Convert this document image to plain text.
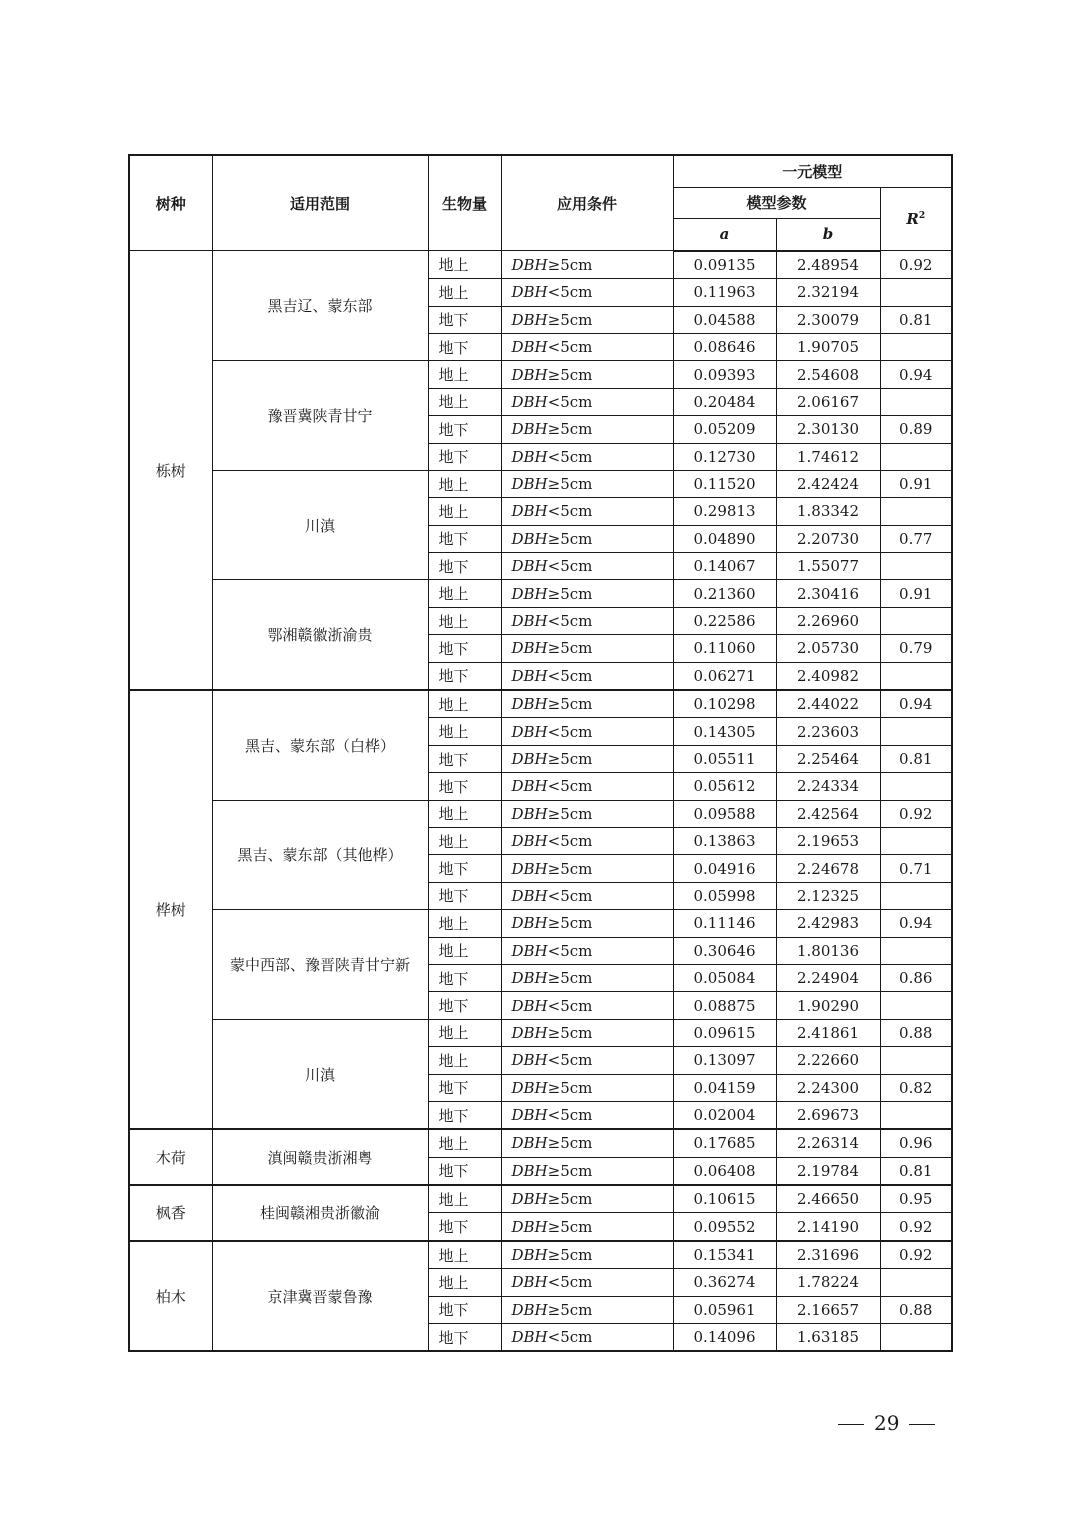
树种	适用范围	生物量	应用条件	一元模型		
				模型参数		$R^2$
				a	b	
栎树	黑吉辽、蒙东部	地上	DBH≥5cm	0.09135	2.48954	0.92
		地上	DBH<5cm	0.11963	2.32194	
		地下	DBH≥5cm	0.04588	2.30079	0.81
		地下	DBH<5cm	0.08646	1.90705	
	豫晋冀陕青甘宁	地上	DBH≥5cm	0.09393	2.54608	0.94
		地上	DBH<5cm	0.20484	2.06167	
		地下	DBH≥5cm	0.05209	2.30130	0.89
		地下	DBH<5cm	0.12730	1.74612	
	川滇	地上	DBH≥5cm	0.11520	2.42424	0.91
		地上	DBH<5cm	0.29813	1.83342	
		地下	DBH≥5cm	0.04890	2.20730	0.77
		地下	DBH<5cm	0.14067	1.55077	
	鄂湘赣徽浙渝贵	地上	DBH≥5cm	0.21360	2.30416	0.91
		地上	DBH<5cm	0.22586	2.26960	
		地下	DBH≥5cm	0.11060	2.05730	0.79
		地下	DBH<5cm	0.06271	2.40982	
桦树	黑吉、蒙东部（白桦）	地上	DBH≥5cm	0.10298	2.44022	0.94
		地上	DBH<5cm	0.14305	2.23603	
		地下	DBH≥5cm	0.05511	2.25464	0.81
		地下	DBH<5cm	0.05612	2.24334	
	黑吉、蒙东部（其他桦）	地上	DBH≥5cm	0.09588	2.42564	0.92
		地上	DBH<5cm	0.13863	2.19653	
		地下	DBH≥5cm	0.04916	2.24678	0.71
		地下	DBH<5cm	0.05998	2.12325	
	蒙中西部、豫晋陕青甘宁新	地上	DBH≥5cm	0.11146	2.42983	0.94
		地上	DBH<5cm	0.30646	1.80136	
		地下	DBH≥5cm	0.05084	2.24904	0.86
		地下	DBH<5cm	0.08875	1.90290	
	川滇	地上	DBH≥5cm	0.09615	2.41861	0.88
		地上	DBH<5cm	0.13097	2.22660	
		地下	DBH≥5cm	0.04159	2.24300	0.82
		地下	DBH<5cm	0.02004	2.69673	
木荷	滇闽赣贵浙湘粤	地上	DBH≥5cm	0.17685	2.26314	0.96
		地下	DBH≥5cm	0.06408	2.19784	0.81
枫香	桂闽赣湘贵浙徽渝	地上	DBH≥5cm	0.10615	2.46650	0.95
		地下	DBH≥5cm	0.09552	2.14190	0.92
柏木	京津冀晋蒙鲁豫	地上	DBH≥5cm	0.15341	2.31696	0.92
		地上	DBH<5cm	0.36274	1.78224	
		地下	DBH≥5cm	0.05961	2.16657	0.88
		地下	DBH<5cm	0.14096	1.63185	
29
